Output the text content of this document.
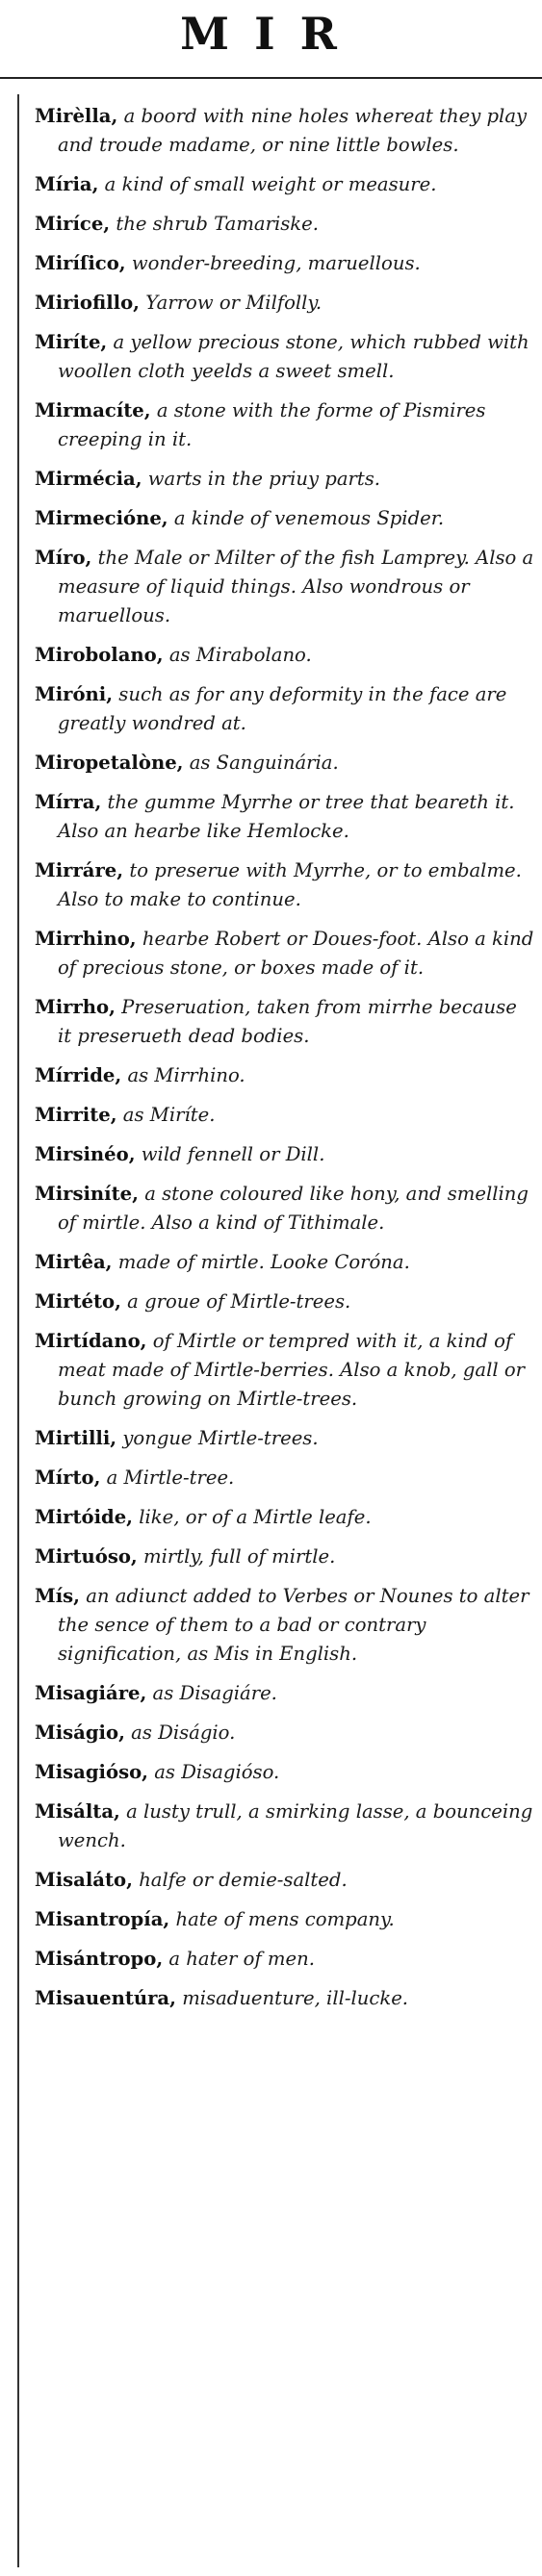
MIR

Mirèlla, a boord with nine holes whereat they play and troude madame, or nine little bowles.

Míria, a kind of small weight or measure.

Miríce, the shrub Tamariske.

Miríſico, wonder-breeding, maruellous.

Miriofillo, Yarrow or Milfolly.

Miríte, a yellow precious stone, which rubbed with woollen cloth yeelds a sweet smell.

Mirmacíte, a stone with the forme of Pismires creeping in it.

Mirmécia, warts in the priuy parts.

Mirmecióne, a kinde of venemous Spider.

Míro, the Male or Milter of the fish Lamprey. Also a measure of liquid things. Also wondrous or maruellous.

Mirobolano, as Mirabolano.

Miróni, such as for any deformity in the face are greatly wondred at.

Miropetalòne, as Sanguinária.

Mírra, the gumme Myrrhe or tree that beareth it. Also an hearbe like Hemlocke.

Mirráre, to preserue with Myrrhe, or to embalme. Also to make to continue.

Mirrhino, hearbe Robert or Doues-foot. Also a kind of precious stone, or boxes made of it.

Mirrho, Preseruation, taken from mirrhe because it preserueth dead bodies.

Mírride, as Mirrhino.

Mirrite, as Miríte.

Mirsinéo, wild fennell or Dill.

Mirsiníte, a stone coloured like hony, and smelling of mirtle. Also a kind of Tithimale.

Mirtêa, made of mirtle. Looke Coróna.

Mirtéto, a groue of Mirtle-trees.

Mirtídano, of Mirtle or tempred with it, a kind of meat made of Mirtle-berries. Also a knob, gall or bunch growing on Mirtle-trees.

Mirtilli, yongue Mirtle-trees.

Mírto, a Mirtle-tree.

Mirtóide, like, or of a Mirtle leafe.

Mirtuóso, mirtly, full of mirtle.

Mís, an adiunct added to Verbes or Nounes to alter the sence of them to a bad or contrary signification, as Mis in English.

Misagiáre, as Disagiáre.

Miságio, as Diságio.

Misagióso, as Disagióso.

Misálta, a lusty trull, a smirking lasse, a bounceing wench.

Misaláto, halfe or demie-salted.

Misantropía, hate of mens company.

Misántropo, a hater of men.

Misauentúra, misaduenture, ill-lucke.
